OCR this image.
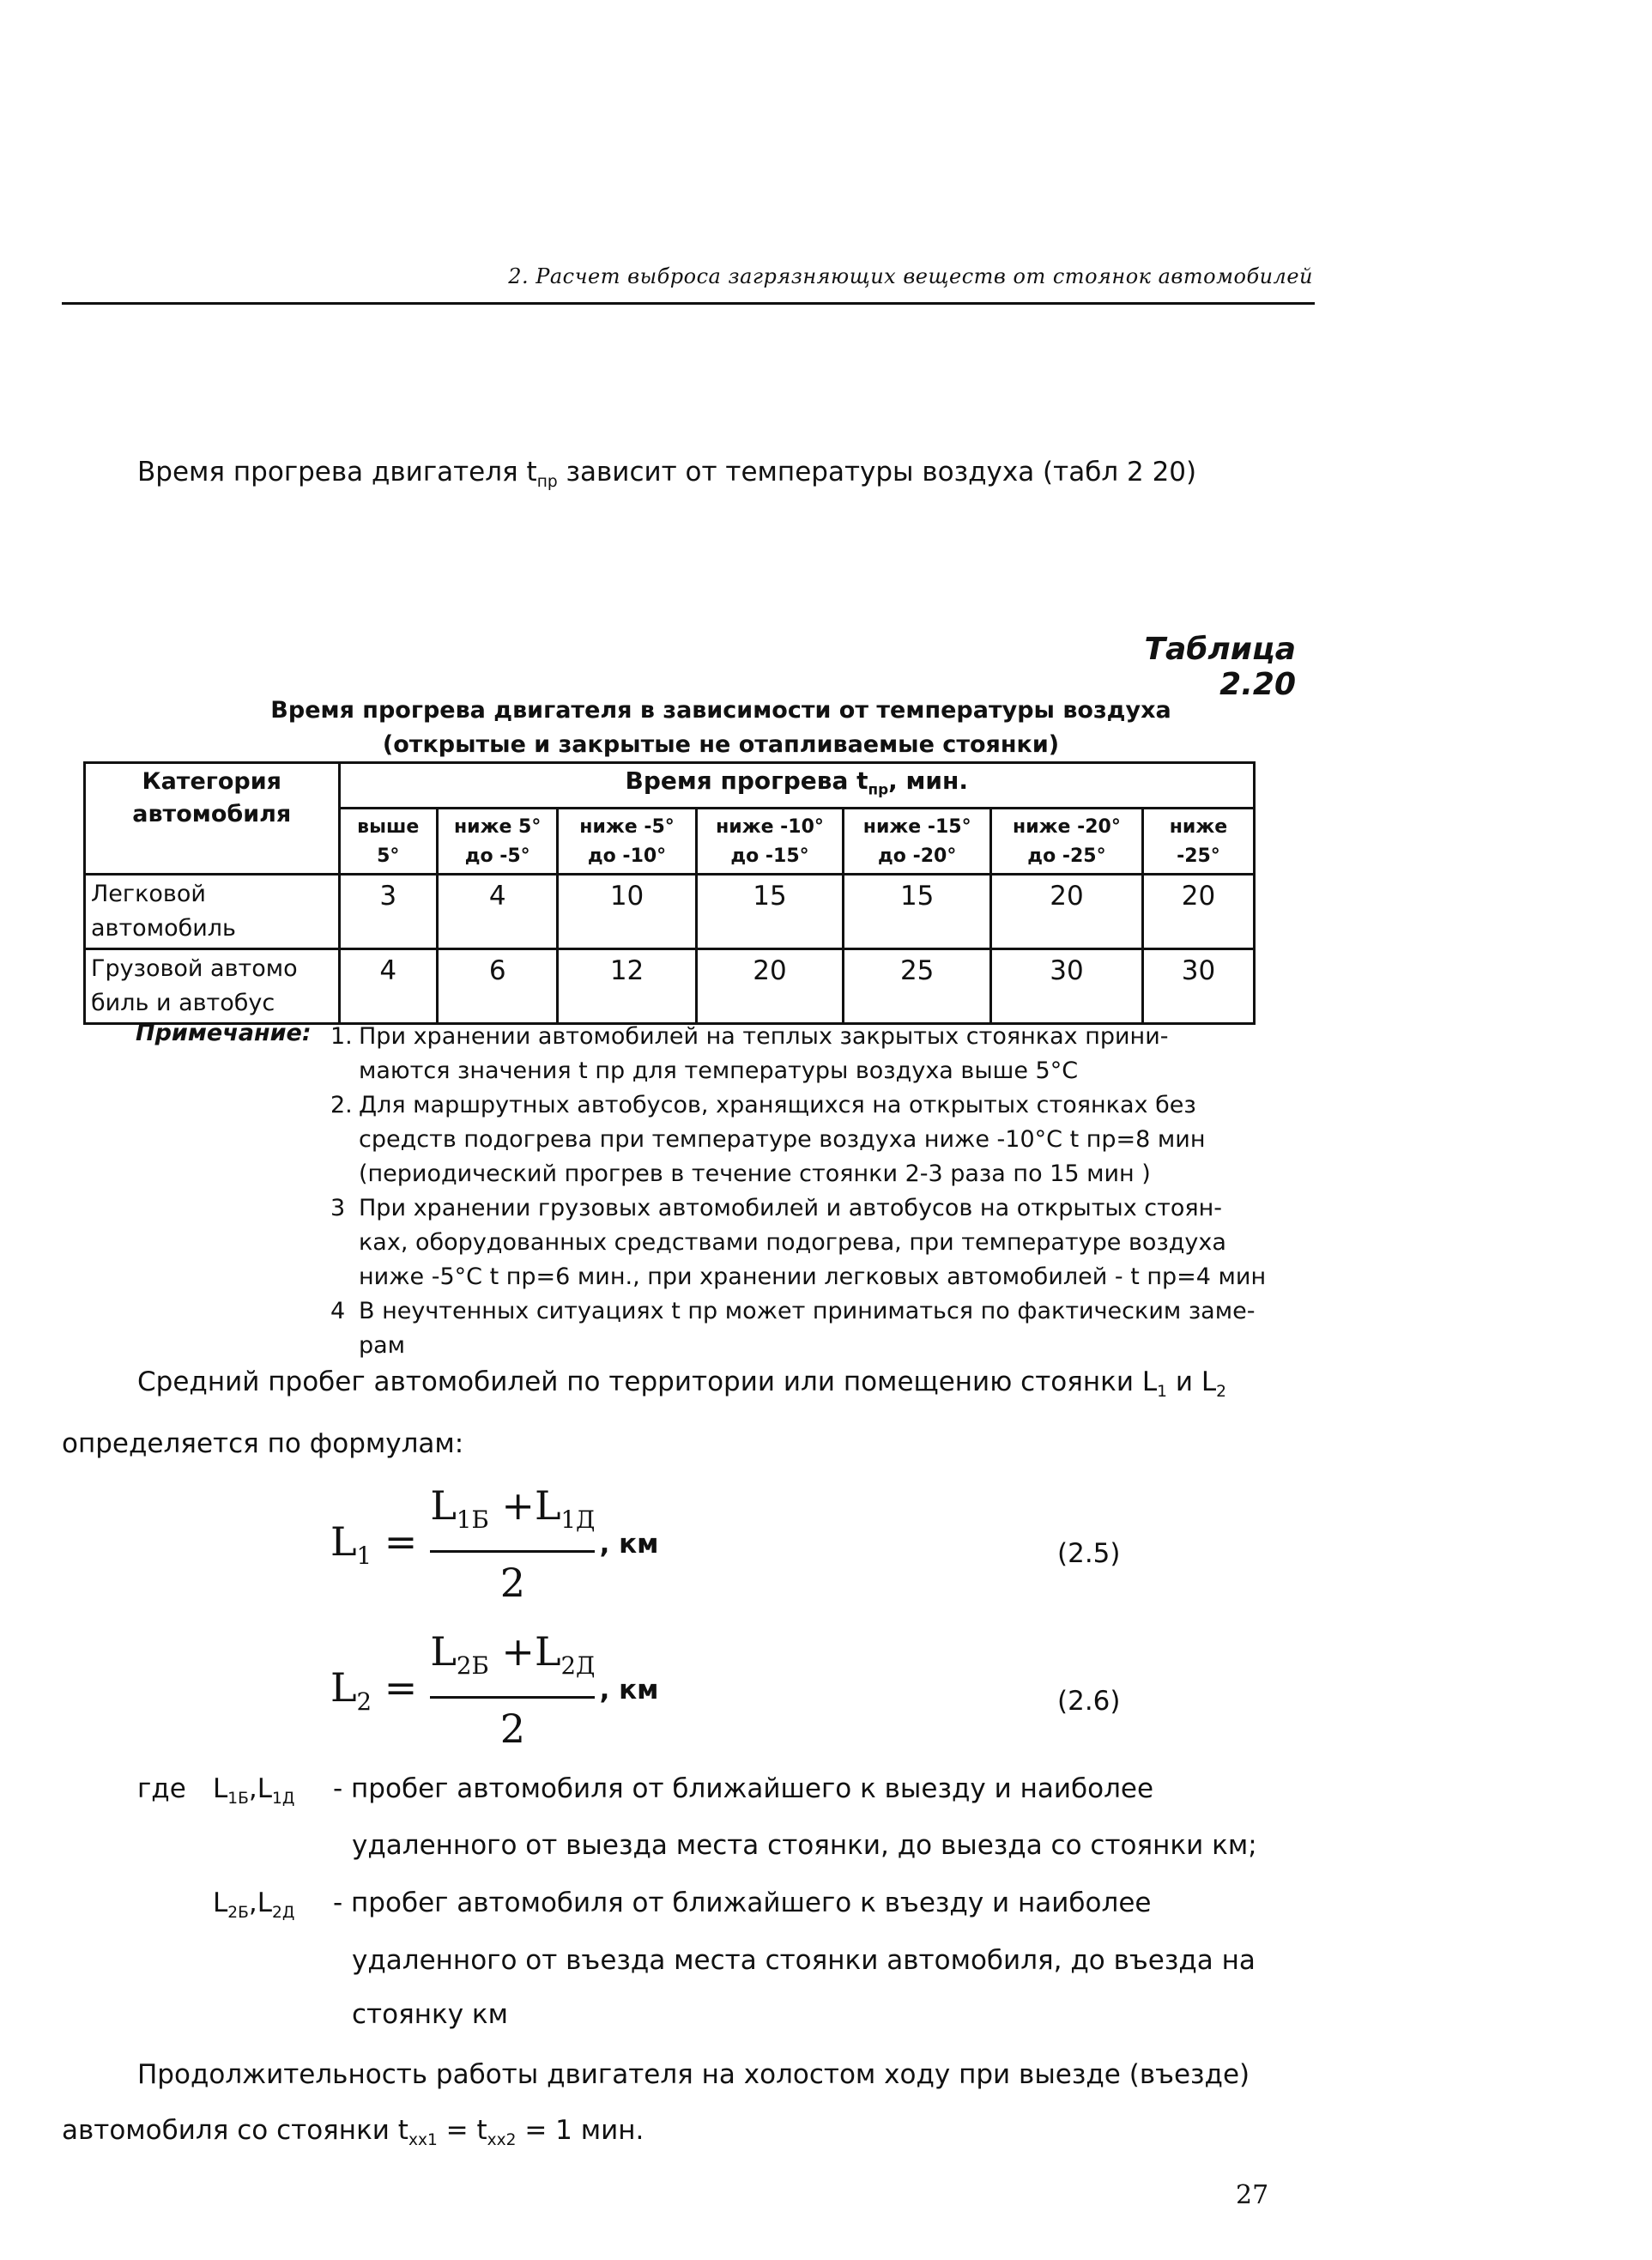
2. Расчет выброса загрязняющих веществ от стоянок автомобилей
Время прогрева двигателя $t_{пр}$ зависит от температуры воздуха (табл 2 20)
Таблица 2.20
Время прогрева двигателя в зависимости от температуры воздуха
(открытые и закрытые не отапливаемые стоянки)
Категория автомобиля	Время прогрева $t_{пр}$, мин.						
	выше 5°	ниже 5° до -5°	ниже -5° до -10°	ниже -10° до -15°	ниже -15° до -20°	ниже -20° до -25°	ниже -25°
Легковой автомобиль	3	4	10	15	15	20	20
Грузовой автомо биль и автобус	4	6	12	20	25	30	30
Примечание: 1. При хранении автомобилей на теплых закрытых стоянках прини-
маются значения t пр для температуры воздуха выше 5°С
2. Для маршрутных автобусов, хранящихся на открытых стоянках без
средств подогрева при температуре воздуха ниже -10°С t пр=8 мин
(периодический прогрев в течение стоянки 2-3 раза по 15 мин )
3 При хранении грузовых автомобилей и автобусов на открытых стоян-
ках, оборудованных средствами подогрева, при температуре воздуха
ниже -5°С t пр=6 мин., при хранении легковых автомобилей - t пр=4 мин
4 В неучтенных ситуациях t пр может приниматься по фактическим заме-
рам
Средний пробег автомобилей по территории или помещению стоянки $L_1$ и $L_2$
определяется по формулам:
$L_1 = \frac{L_{1Б} +L_{1Д}}{2}$ , км	(2.5)
$L_2 = \frac{L_{2Б} +L_{2Д}}{2}$ , км	(2.6)
где $L_{1Б},L_{1Д}$ - пробег автомобиля от ближайшего к выезду и наиболее
удаленного от выезда места стоянки, до выезда со стоянки км;
$L_{2Б},L_{2Д}$ - пробег автомобиля от ближайшего к въезду и наиболее
удаленного от въезда места стоянки автомобиля, до въезда на
стоянку км
Продолжительность работы двигателя на холостом ходу при выезде (въезде)
автомобиля со стоянки $t_{хх1} = t_{хх2} = 1$ мин.
27
